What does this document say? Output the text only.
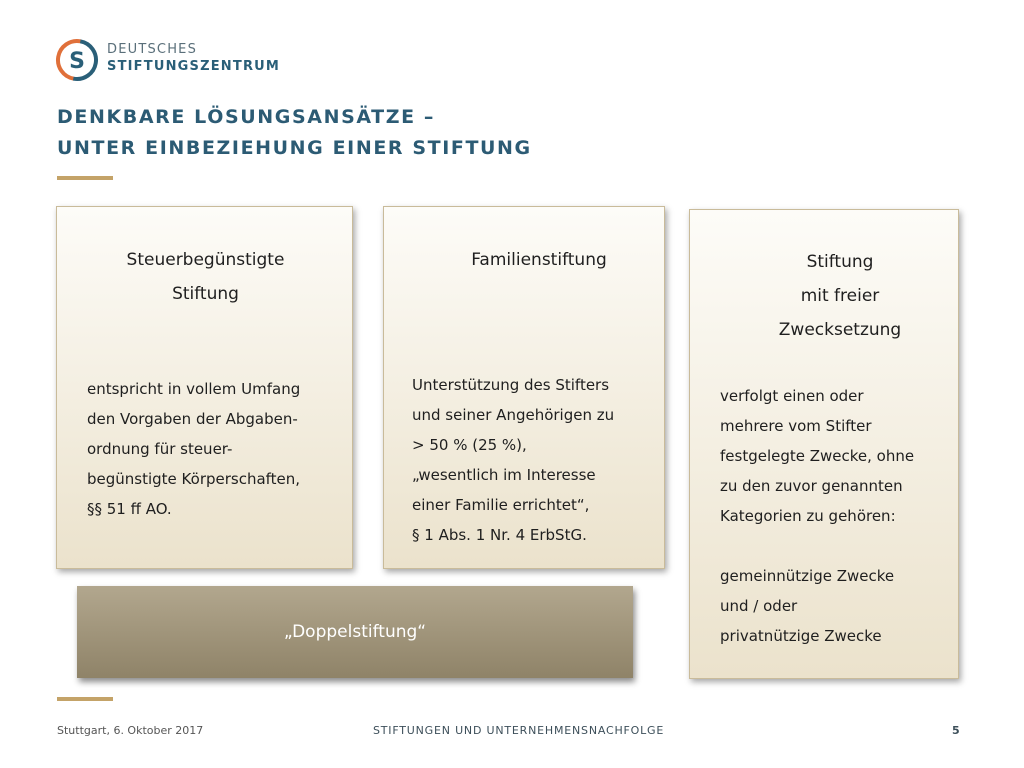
S DEUTSCHES
STIFTUNGSZENTRUM
DENKBARE LÖSUNGSANSÄTZE –
UNTER EINBEZIEHUNG EINER STIFTUNG
Steuerbegünstigte
Stiftung
entspricht in vollem Umfang
den Vorgaben der Abgaben-
ordnung für steuer-
begünstigte Körperschaften,
§§ 51 ff AO.
Familienstiftung
Unterstützung des Stifters
und seiner Angehörigen zu
> 50 % (25 %),
„wesentlich im Interesse
einer Familie errichtet“,
§ 1 Abs. 1 Nr. 4 ErbStG.
Stiftung
mit freier
Zwecksetzung
verfolgt einen oder
mehrere vom Stifter
festgelegte Zwecke, ohne
zu den zuvor genannten
Kategorien zu gehören:
gemeinnützige Zwecke
und / oder
privatnützige Zwecke
„Doppelstiftung“
Stuttgart, 6. Oktober 2017	STIFTUNGEN UND UNTERNEHMENSNACHFOLGE	5
